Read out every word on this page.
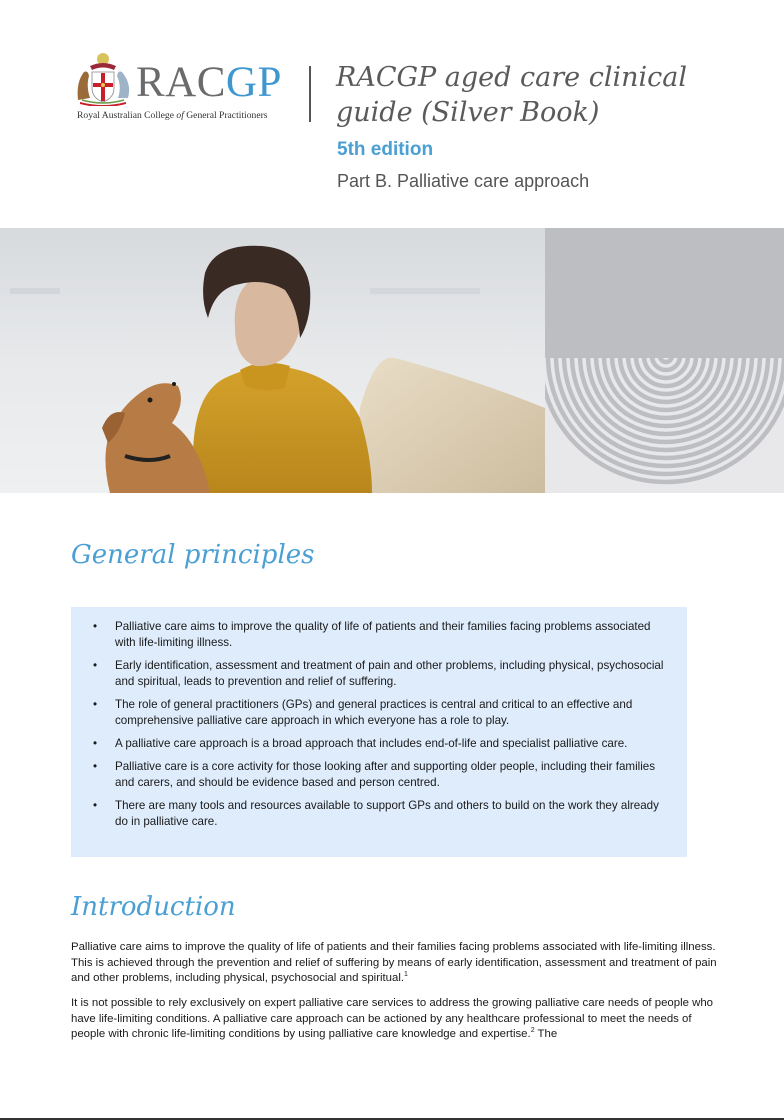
RACGP
Royal Australian College of General Practitioners
RACGP aged care clinical guide (Silver Book)
5th edition
Part B. Palliative care approach
General principles
• Palliative care aims to improve the quality of life of patients and their families facing problems associated with life-limiting illness.
• Early identification, assessment and treatment of pain and other problems, including physical, psychosocial and spiritual, leads to prevention and relief of suffering.
• The role of general practitioners (GPs) and general practices is central and critical to an effective and comprehensive palliative care approach in which everyone has a role to play.
• A palliative care approach is a broad approach that includes end-of-life and specialist palliative care.
• Palliative care is a core activity for those looking after and supporting older people, including their families and carers, and should be evidence based and person centred.
• There are many tools and resources available to support GPs and others to build on the work they already do in palliative care.
Introduction

Palliative care aims to improve the quality of life of patients and their families facing problems associated with life-limiting illness. This is achieved through the prevention and relief of suffering by means of early identification, assessment and treatment of pain and other problems, including physical, psychosocial and spiritual.$^1$

It is not possible to rely exclusively on expert palliative care services to address the growing palliative care needs of people who have life-limiting conditions. A palliative care approach can be actioned by any healthcare professional to meet the needs of people with chronic life-limiting conditions by using palliative care knowledge and expertise.$^2$ The
